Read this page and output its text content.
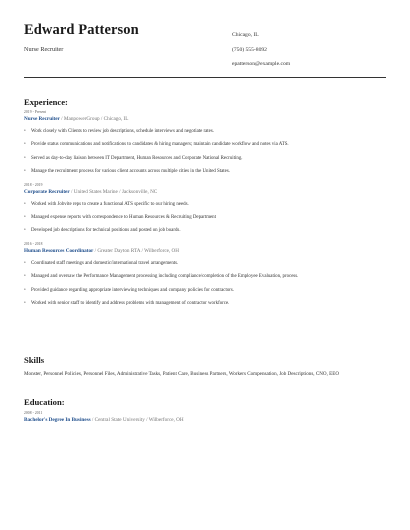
Edward Patterson
Nurse Recruiter
Chicago, IL
(750) 555-8092
epatterson@example.com
Experience:
2019 - Present
Nurse Recruiter / ManpowerGroup / Chicago, IL
• Work closely with Clients to review job descriptions, schedule interviews and negotiate rates.
• Provide status communications and notifications to candidates & hiring managers; maintain candidate workflow and notes via ATS.
• Served as day-to-day liaison between IT Department, Human Resources and Corporate National Recruiting.
• Manage the recruitment process for various client accounts across multiple cities in the United States.
2018 - 2019
Corporate Recruiter / United States Marine / Jacksonville, NC
• Worked with Jobvite reps to create a functional ATS specific to our hiring needs.
• Managed expense reports with correspondence to Human Resources & Recruiting Department
• Developed job descriptions for technical positions and posted on job boards.
2016 - 2018
Human Resources Coordinator / Greater Dayton RTA / Wilberforce, OH
• Coordinated staff meetings and domestic/international travel arrangements.
• Managed and oversaw the Performance Management processing including compliance/completion of the Employee Evaluation, process.
• Provided guidance regarding appropriate interviewing techniques and company policies for contractors.
• Worked with senior staff to identify and address problems with management of contractor workforce.
Skills
Monster, Personnel Policies, Personnel Files, Administrative Tasks, Patient Care, Business Partners, Workers Compensation, Job Descriptions, CNO, EEO
Education:
2008 - 2011
Bachelor's Degree In Business / Central State University / Wilberforce, OH
